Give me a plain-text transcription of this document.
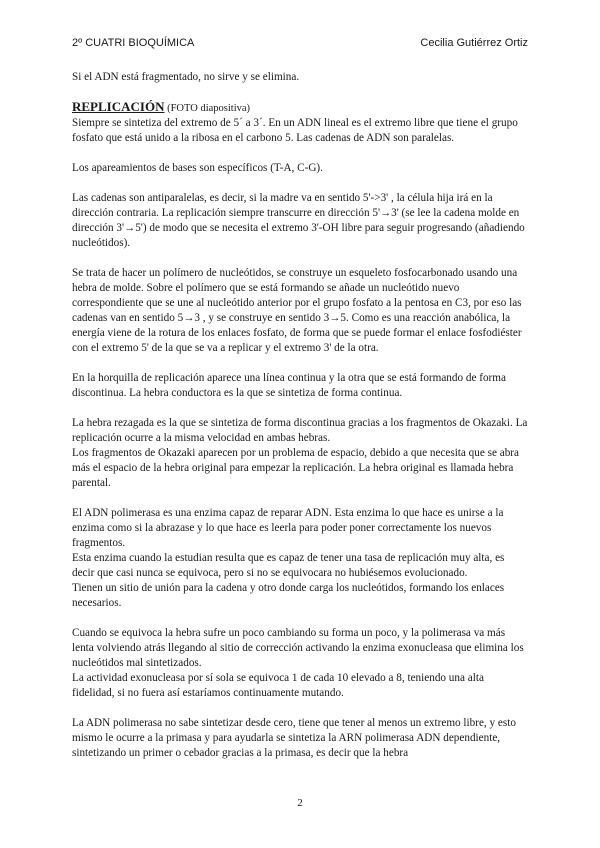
2º CUATRI BIOQUÍMICA	Cecilia Gutiérrez Ortiz

Si el ADN está fragmentado, no sirve y se elimina.

REPLICACIÓN (FOTO diapositiva)

Siempre se sintetiza del extremo de 5´ a 3´. En un ADN lineal es el extremo libre que tiene el grupo fosfato que está unido a la ribosa en el carbono 5. Las cadenas de ADN son paralelas.

Los apareamientos de bases son específicos (T-A, C-G).

Las cadenas son antiparalelas, es decir, si la madre va en sentido 5'->3' , la célula hija irá en la dirección contraria. La replicación siempre transcurre en dirección 5'→3' (se lee la cadena molde en dirección 3'→5') de modo que se necesita el extremo 3'-OH libre para seguir progresando (añadiendo nucleótidos).

Se trata de hacer un polímero de nucleótidos, se construye un esqueleto fosfocarbonado usando una hebra de molde. Sobre el polímero que se está formando se añade un nucleótido nuevo correspondiente que se une al nucleótido anterior por el grupo fosfato a la pentosa en C3, por eso las cadenas van en sentido 5→3 , y se construye en sentido 3→5. Como es una reacción anabólica, la energía viene de la rotura de los enlaces fosfato, de forma que se puede formar el enlace fosfodiéster con el extremo 5' de la que se va a replicar y el extremo 3' de la otra.

En la horquilla de replicación aparece una línea continua y la otra que se está formando de forma discontinua. La hebra conductora es la que se sintetiza de forma continua.

La hebra rezagada es la que se sintetiza de forma discontinua gracias a los fragmentos de Okazaki. La replicación ocurre a la misma velocidad en ambas hebras.
Los fragmentos de Okazaki aparecen por un problema de espacio, debido a que necesita que se abra más el espacio de la hebra original para empezar la replicación. La hebra original es llamada hebra parental.

El ADN polimerasa es una enzima capaz de reparar ADN. Esta enzima lo que hace es unirse a la enzima como si la abrazase y lo que hace es leerla para poder poner correctamente los nuevos fragmentos.
Esta enzima cuando la estudian resulta que es capaz de tener una tasa de replicación muy alta, es decir que casi nunca se equivoca, pero si no se equivocara no hubiésemos evolucionado.
Tienen un sitio de unión para la cadena y otro donde carga los nucleótidos, formando los enlaces necesarios.

Cuando se equivoca la hebra sufre un poco cambiando su forma un poco, y la polimerasa va más lenta volviendo atrás llegando al sitio de corrección activando la enzima exonucleasa que elimina los nucleótidos mal sintetizados.
La actividad exonucleasa por sí sola se equivoca 1 de cada 10 elevado a 8, teniendo una alta fidelidad, si no fuera así estaríamos continuamente mutando.

La ADN polimerasa no sabe sintetizar desde cero, tiene que tener al menos un extremo libre, y esto mismo le ocurre a la primasa y para ayudarla se sintetiza la ARN polimerasa ADN dependiente, sintetizando un primer o cebador gracias a la primasa, es decir que la hebra

2
